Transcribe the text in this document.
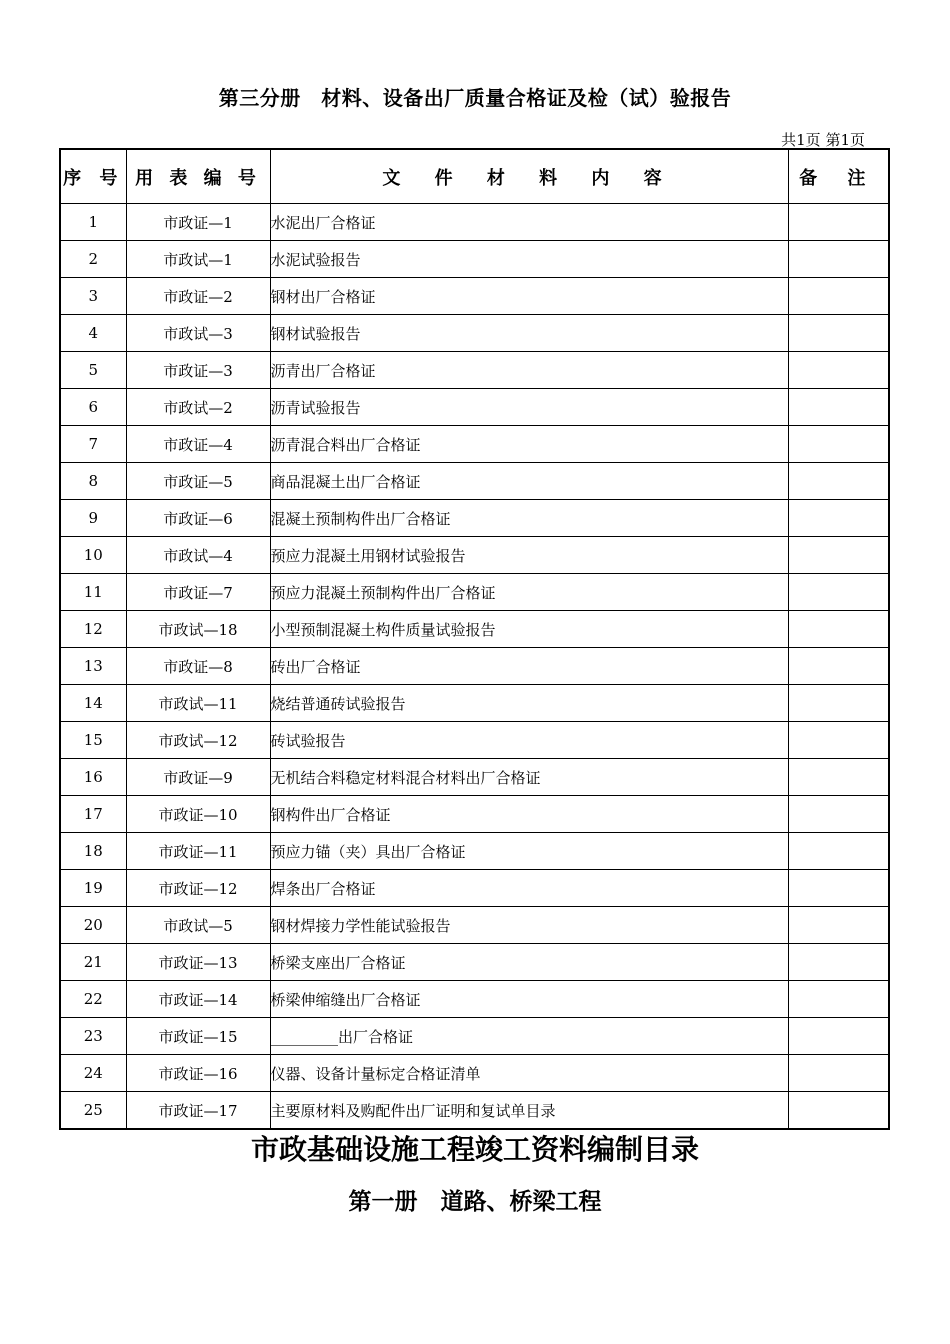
第三分册　材料、设备出厂质量合格证及检（试）验报告
共1页 第1页
序 号	用 表 编 号	文 件 材 料 内 容	备 注
1	市政证—1	水泥出厂合格证	
2	市政试—1	水泥试验报告	
3	市政证—2	钢材出厂合格证	
4	市政试—3	钢材试验报告	
5	市政证—3	沥青出厂合格证	
6	市政试—2	沥青试验报告	
7	市政证—4	沥青混合料出厂合格证	
8	市政证—5	商品混凝土出厂合格证	
9	市政证—6	混凝土预制构件出厂合格证	
10	市政试—4	预应力混凝土用钢材试验报告	
11	市政证—7	预应力混凝土预制构件出厂合格证	
12	市政试—18	小型预制混凝土构件质量试验报告	
13	市政证—8	砖出厂合格证	
14	市政试—11	烧结普通砖试验报告	
15	市政试—12	砖试验报告	
16	市政证—9	无机结合料稳定材料混合材料出厂合格证	
17	市政证—10	钢构件出厂合格证	
18	市政证—11	预应力锚（夹）具出厂合格证	
19	市政证—12	焊条出厂合格证	
20	市政试—5	钢材焊接力学性能试验报告	
21	市政证—13	桥梁支座出厂合格证	
22	市政证—14	桥梁伸缩缝出厂合格证	
23	市政证—15	_________出厂合格证	
24	市政证—16	仪器、设备计量标定合格证清单	
25	市政证—17	主要原材料及购配件出厂证明和复试单目录	
市政基础设施工程竣工资料编制目录
第一册　道路、桥梁工程
